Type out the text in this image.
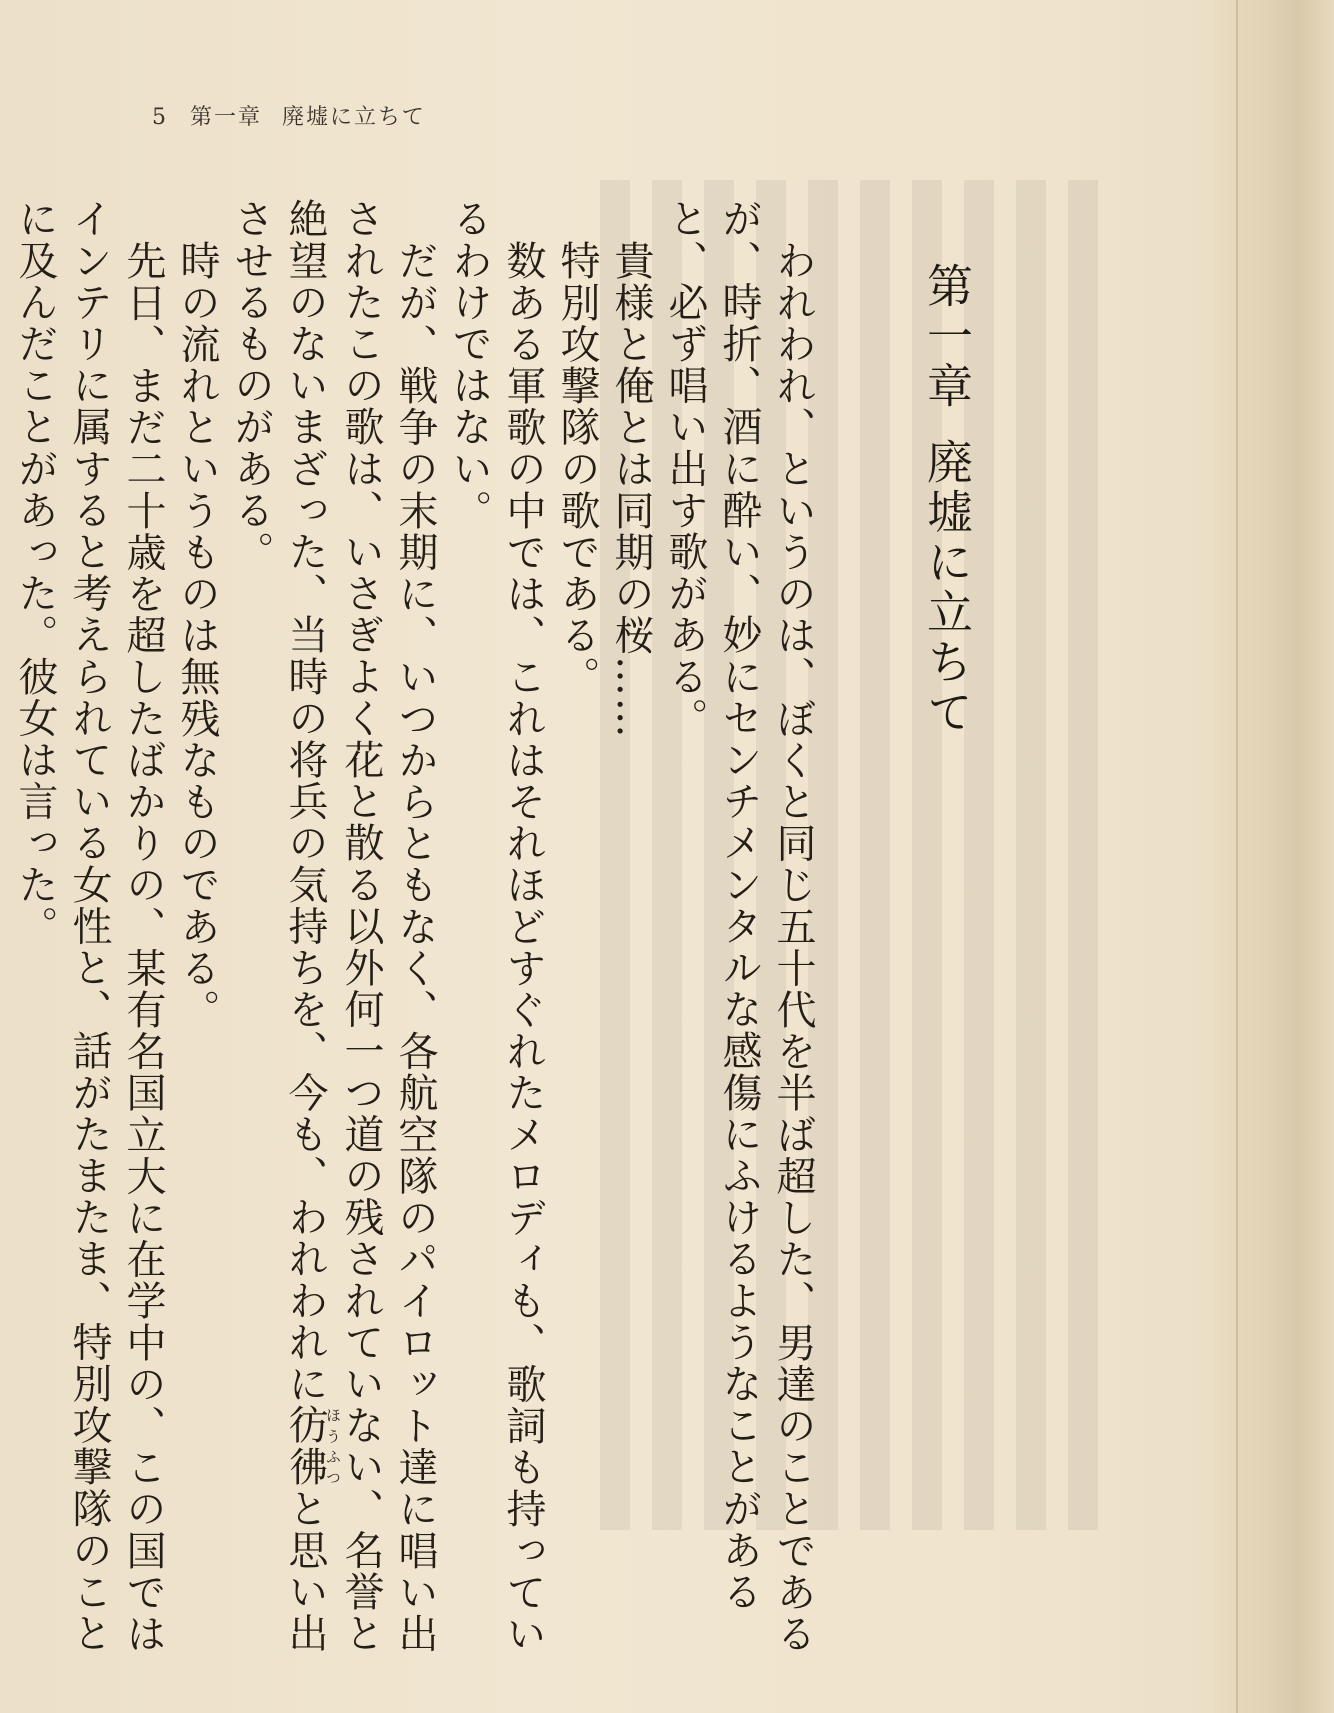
5 第一章 廃墟に立ちて
第一章廃墟に立ちて

われわれ、というのは、ぼくと同じ五十代を半ば超した、男達のことであるが、時折、酒に酔い、妙にセンチメンタルな感傷にふけるようなことがあると、必ず唱い出す歌がある。

貴様と俺とは同期の桜……

特別攻撃隊の歌である。

数ある軍歌の中では、これはそれほどすぐれたメロディも、歌詞も持っているわけではない。

だが、戦争の末期に、いつからともなく、各航空隊のパイロット達に唱い出されたこの歌は、いさぎよく花と散る以外何一つ道の残されていない、名誉と絶望のないまざった、当時の将兵の気持ちを、今も、われわれに彷彿ほうふつと思い出させるものがある。

時の流れというものは無残なものである。

先日、まだ二十歳を超したばかりの、某有名国立大に在学中の、この国ではインテリに属すると考えられている女性と、話がたまたま、特別攻撃隊のことに及んだことがあった。彼女は言った。
